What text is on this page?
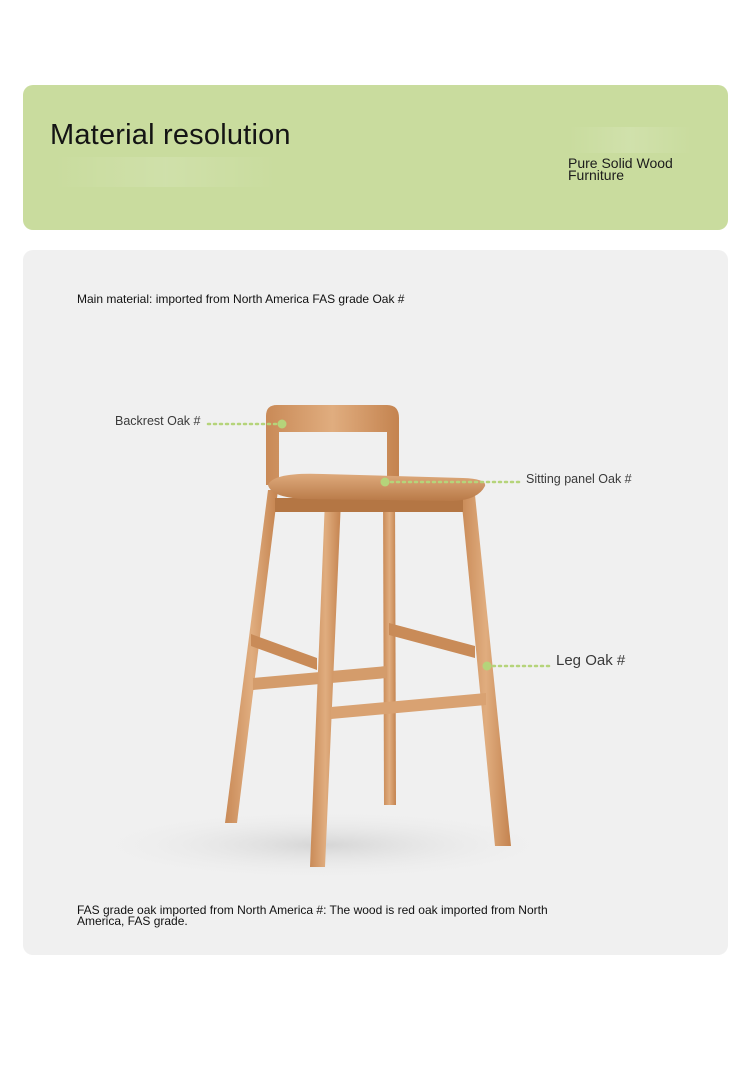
Material resolution
Pure Solid Wood Furniture
Main material: imported from North America FAS grade Oak #
Backrest Oak #
Sitting panel Oak #
Leg Oak #
FAS grade oak imported from North America #: The wood is red oak imported from North America, FAS grade.
